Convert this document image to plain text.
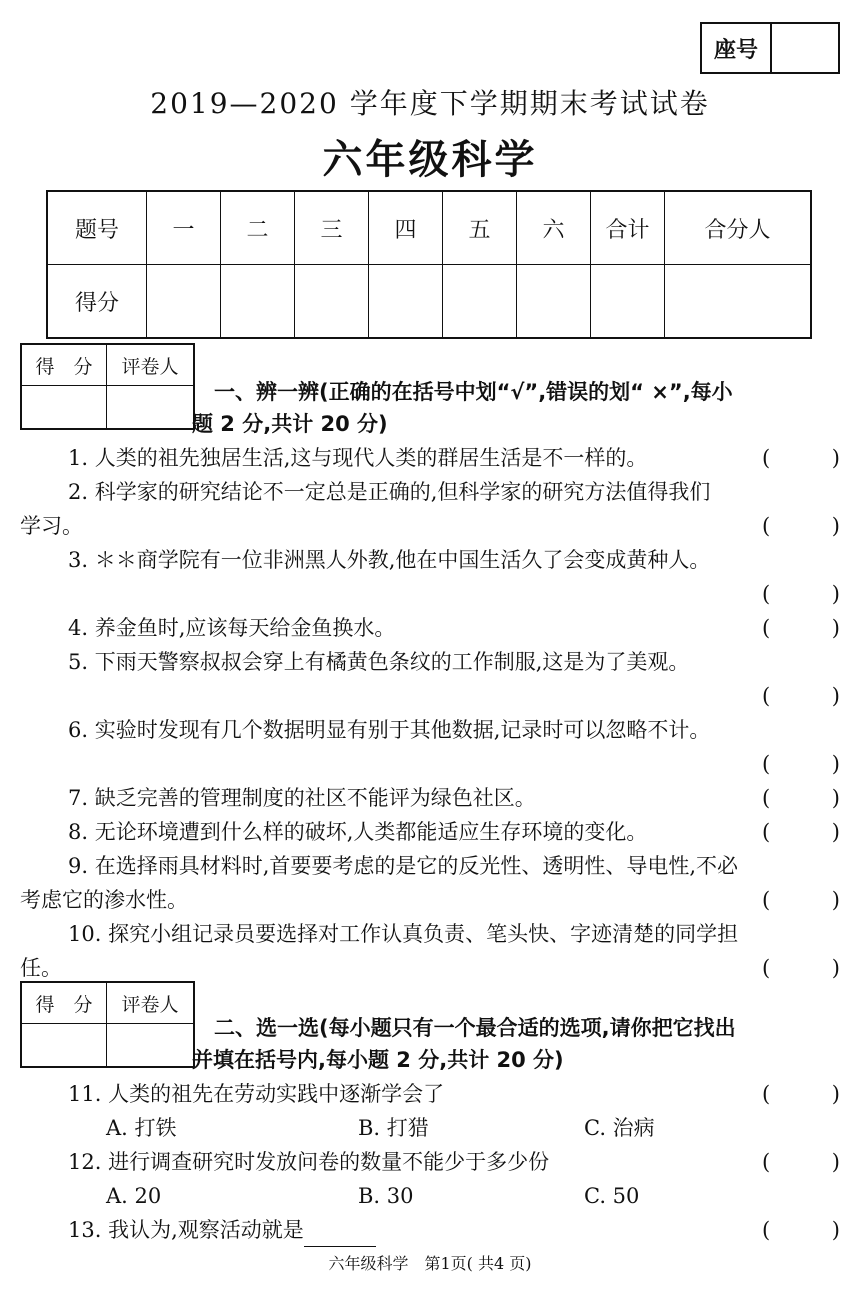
座号
2019—2020 学年度下学期期末考试试卷
六年级科学
题号	一	二	三	四	五	六	合计	合分人
得分								
得　分	评卷人

一、辨一辨(正确的在括号中划“√”,错误的划“ ×”,每小
题 2 分,共计 20 分)
1. 人类的祖先独居生活,这与现代人类的群居生活是不一样的。	(	)
2. 科学家的研究结论不一定总是正确的,但科学家的研究方法值得我们
学习。	(	)
3. ＊＊商学院有一位非洲黑人外教,他在中国生活久了会变成黄种人。
(	)
4. 养金鱼时,应该每天给金鱼换水。	(	)
5. 下雨天警察叔叔会穿上有橘黄色条纹的工作制服,这是为了美观。
(	)
6. 实验时发现有几个数据明显有别于其他数据,记录时可以忽略不计。
(	)
7. 缺乏完善的管理制度的社区不能评为绿色社区。	(	)
8. 无论环境遭到什么样的破坏,人类都能适应生存环境的变化。	(	)
9. 在选择雨具材料时,首要要考虑的是它的反光性、透明性、导电性,不必
考虑它的渗水性。	(	)
10. 探究小组记录员要选择对工作认真负责、笔头快、字迹清楚的同学担
任。	(	)
得　分	评卷人

二、选一选(每小题只有一个最合适的选项,请你把它找出
并填在括号内,每小题 2 分,共计 20 分)
11. 人类的祖先在劳动实践中逐渐学会了	(	)
A. 打铁	B. 打猎	C. 治病
12. 进行调查研究时发放问卷的数量不能少于多少份	(	)
A. 20	B. 30	C. 50
13. 我认为,观察活动就是	(	)
六年级科学　第1页( 共4 页)
